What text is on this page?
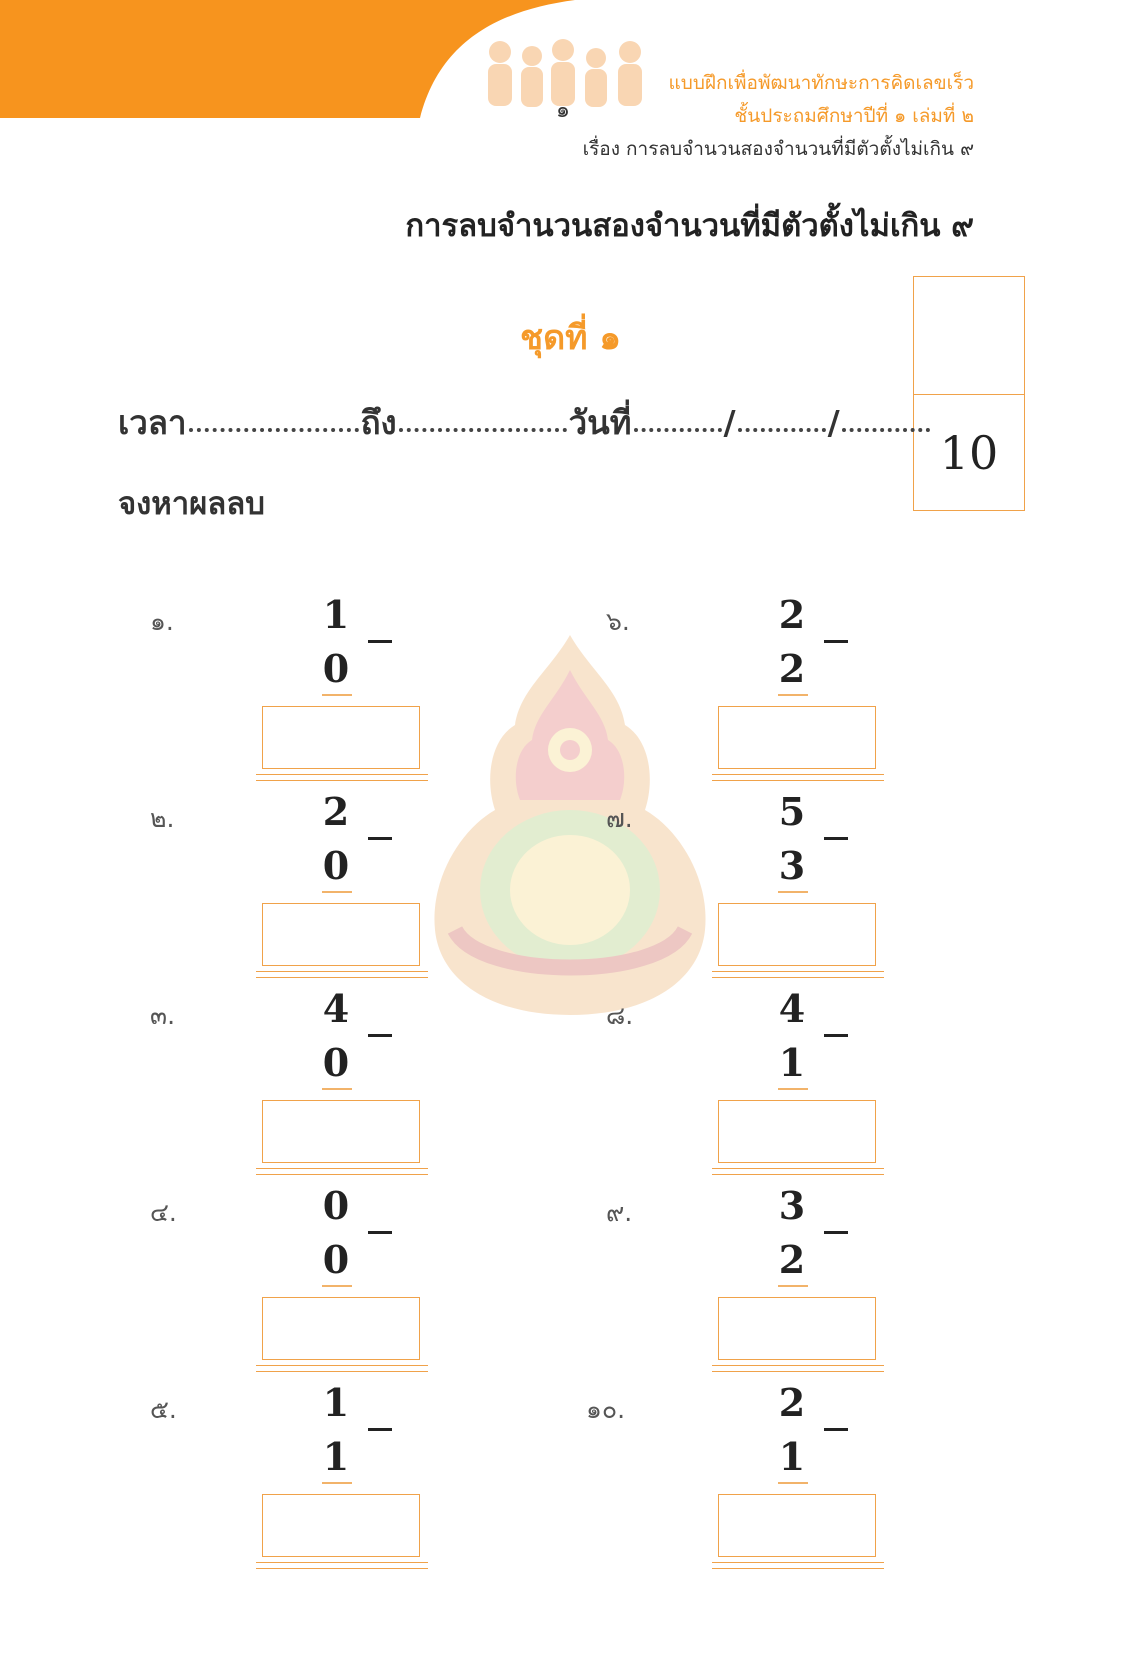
๑
แบบฝึกเพื่อพัฒนาทักษะการคิดเลขเร็ว
ชั้นประถมศึกษาปีที่ ๑ เล่มที่ ๒
เรื่อง การลบจำนวนสองจำนวนที่มีตัวตั้งไม่เกิน ๙
การลบจำนวนสองจำนวนที่มีตัวตั้งไม่เกิน ๙
ชุดที่ ๑
10
เวลา	ถึง	วันที่	/	/
จงหาผลลบ
๑.	1
0
๒.	2
0
๓.	4
0
๔.	0
0
๕.	1
1
๖.	2
2
๗.	5
3
๘.	4
1
๙.	3
2
๑๐.	2
1
